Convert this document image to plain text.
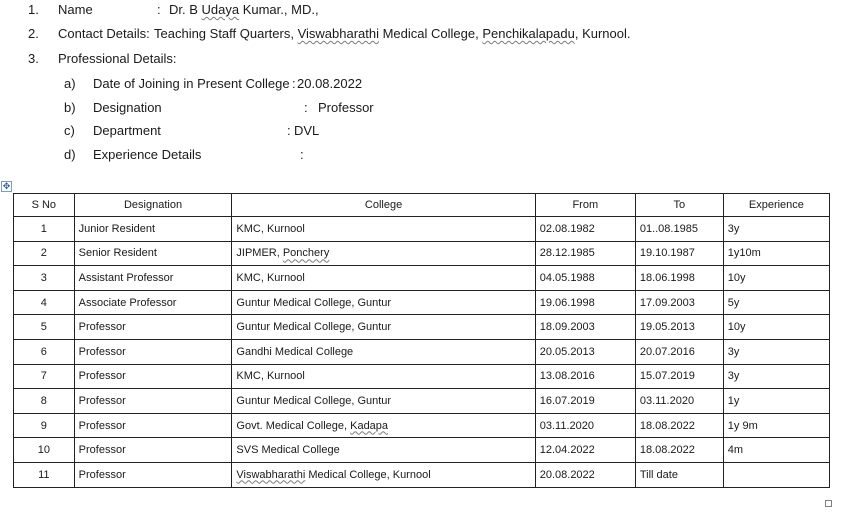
1. Name	: Dr. B Udaya Kumar., MD.,
2. Contact Details: Teaching Staff Quarters, Viswabharathi Medical College, Penchikalapadu, Kurnool.
3. Professional Details:
a) Date of Joining in Present College : 20.08.2022
b) Designation	: Professor
c) Department	: DVL
d) Experience Details	:
✥
S No	Designation	College	From	To	Experience
1	Junior Resident	KMC, Kurnool	02.08.1982	01..08.1985	3y
2	Senior Resident	JIPMER, Ponchery	28.12.1985	19.10.1987	1y10m
3	Assistant Professor	KMC, Kurnool	04.05.1988	18.06.1998	10y
4	Associate Professor	Guntur Medical College, Guntur	19.06.1998	17.09.2003	5y
5	Professor	Guntur Medical College, Guntur	18.09.2003	19.05.2013	10y
6	Professor	Gandhi Medical College	20.05.2013	20.07.2016	3y
7	Professor	KMC, Kurnool	13.08.2016	15.07.2019	3y
8	Professor	Guntur Medical College, Guntur	16.07.2019	03.11.2020	1y
9	Professor	Govt. Medical College, Kadapa	03.11.2020	18.08.2022	1y 9m
10	Professor	SVS Medical College	12.04.2022	18.08.2022	4m
11	Professor	Viswabharathi Medical College, Kurnool	20.08.2022	Till date	
